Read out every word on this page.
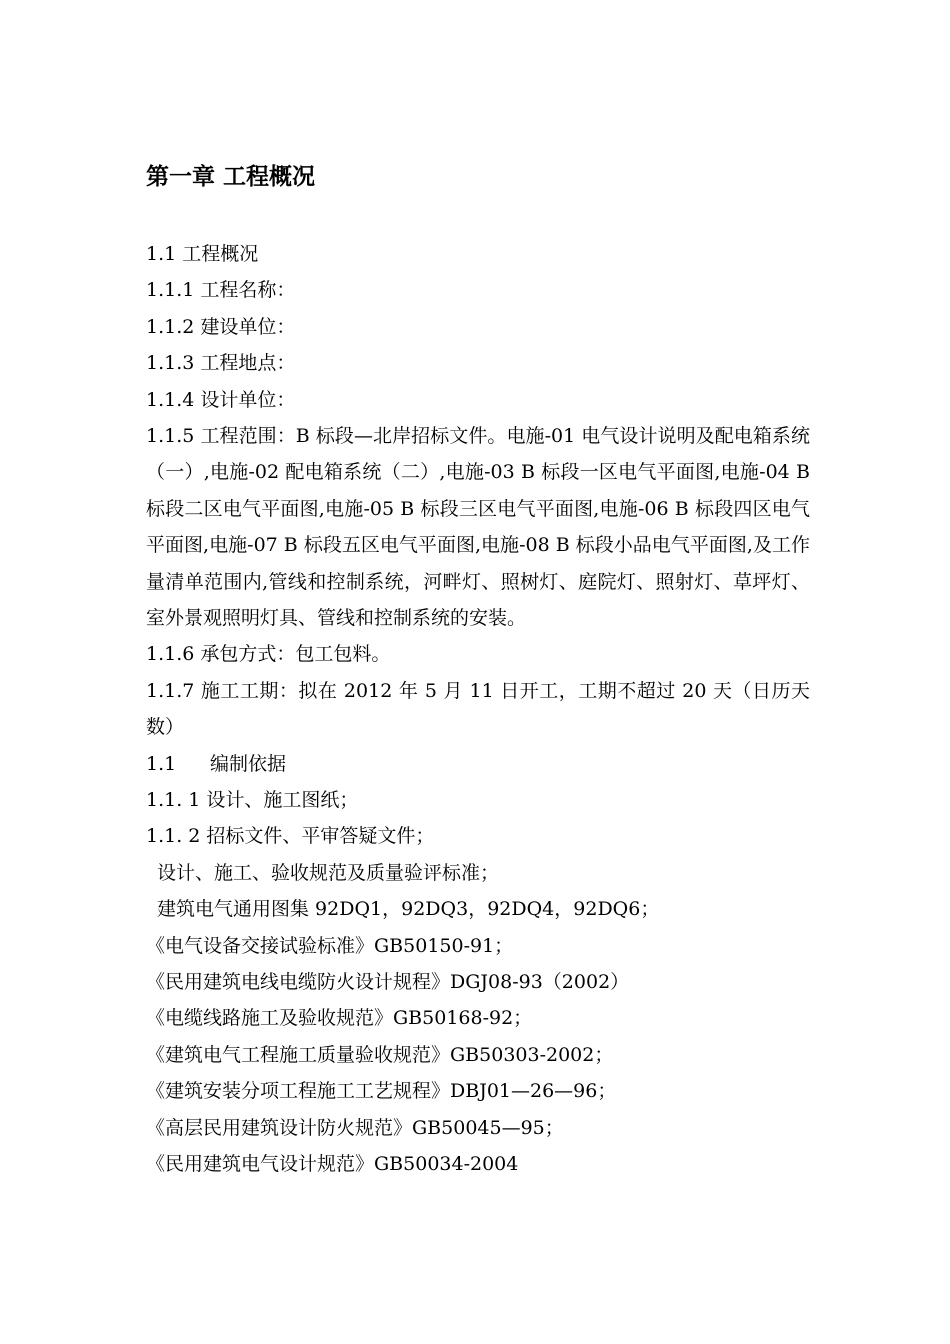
第一章 工程概况
1.1 工程概况
1.1.1 工程名称：
1.1.2 建设单位：
1.1.3 工程地点：
1.1.4 设计单位：
1.1.5 工程范围：B 标段—北岸招标文件。电施-01 电气设计说明及配电箱系统（一）,电施-02 配电箱系统（二）,电施-03 B 标段一区电气平面图,电施-04 B 标段二区电气平面图,电施-05 B 标段三区电气平面图,电施-06 B 标段四区电气平面图,电施-07 B 标段五区电气平面图,电施-08 B 标段小品电气平面图,及工作量清单范围内,管线和控制系统，河畔灯、照树灯、庭院灯、照射灯、草坪灯、室外景观照明灯具、管线和控制系统的安装。
1.1.6 承包方式：包工包料。
1.1.7 施工工期：拟在 2012 年 5 月 11 日开工，工期不超过 20 天（日历天数）
1.1 编制依据
1.1. 1 设计、施工图纸；
1.1. 2 招标文件、平审答疑文件；
设计、施工、验收规范及质量验评标准；
建筑电气通用图集 92DQ1，92DQ3，92DQ4，92DQ6；
《电气设备交接试验标准》GB50150-91；
《民用建筑电线电缆防火设计规程》DGJ08-93（2002）
《电缆线路施工及验收规范》GB50168-92；
《建筑电气工程施工质量验收规范》GB50303-2002；
《建筑安装分项工程施工工艺规程》DBJ01—26—96；
《高层民用建筑设计防火规范》GB50045—95；
《民用建筑电气设计规范》GB50034-2004
